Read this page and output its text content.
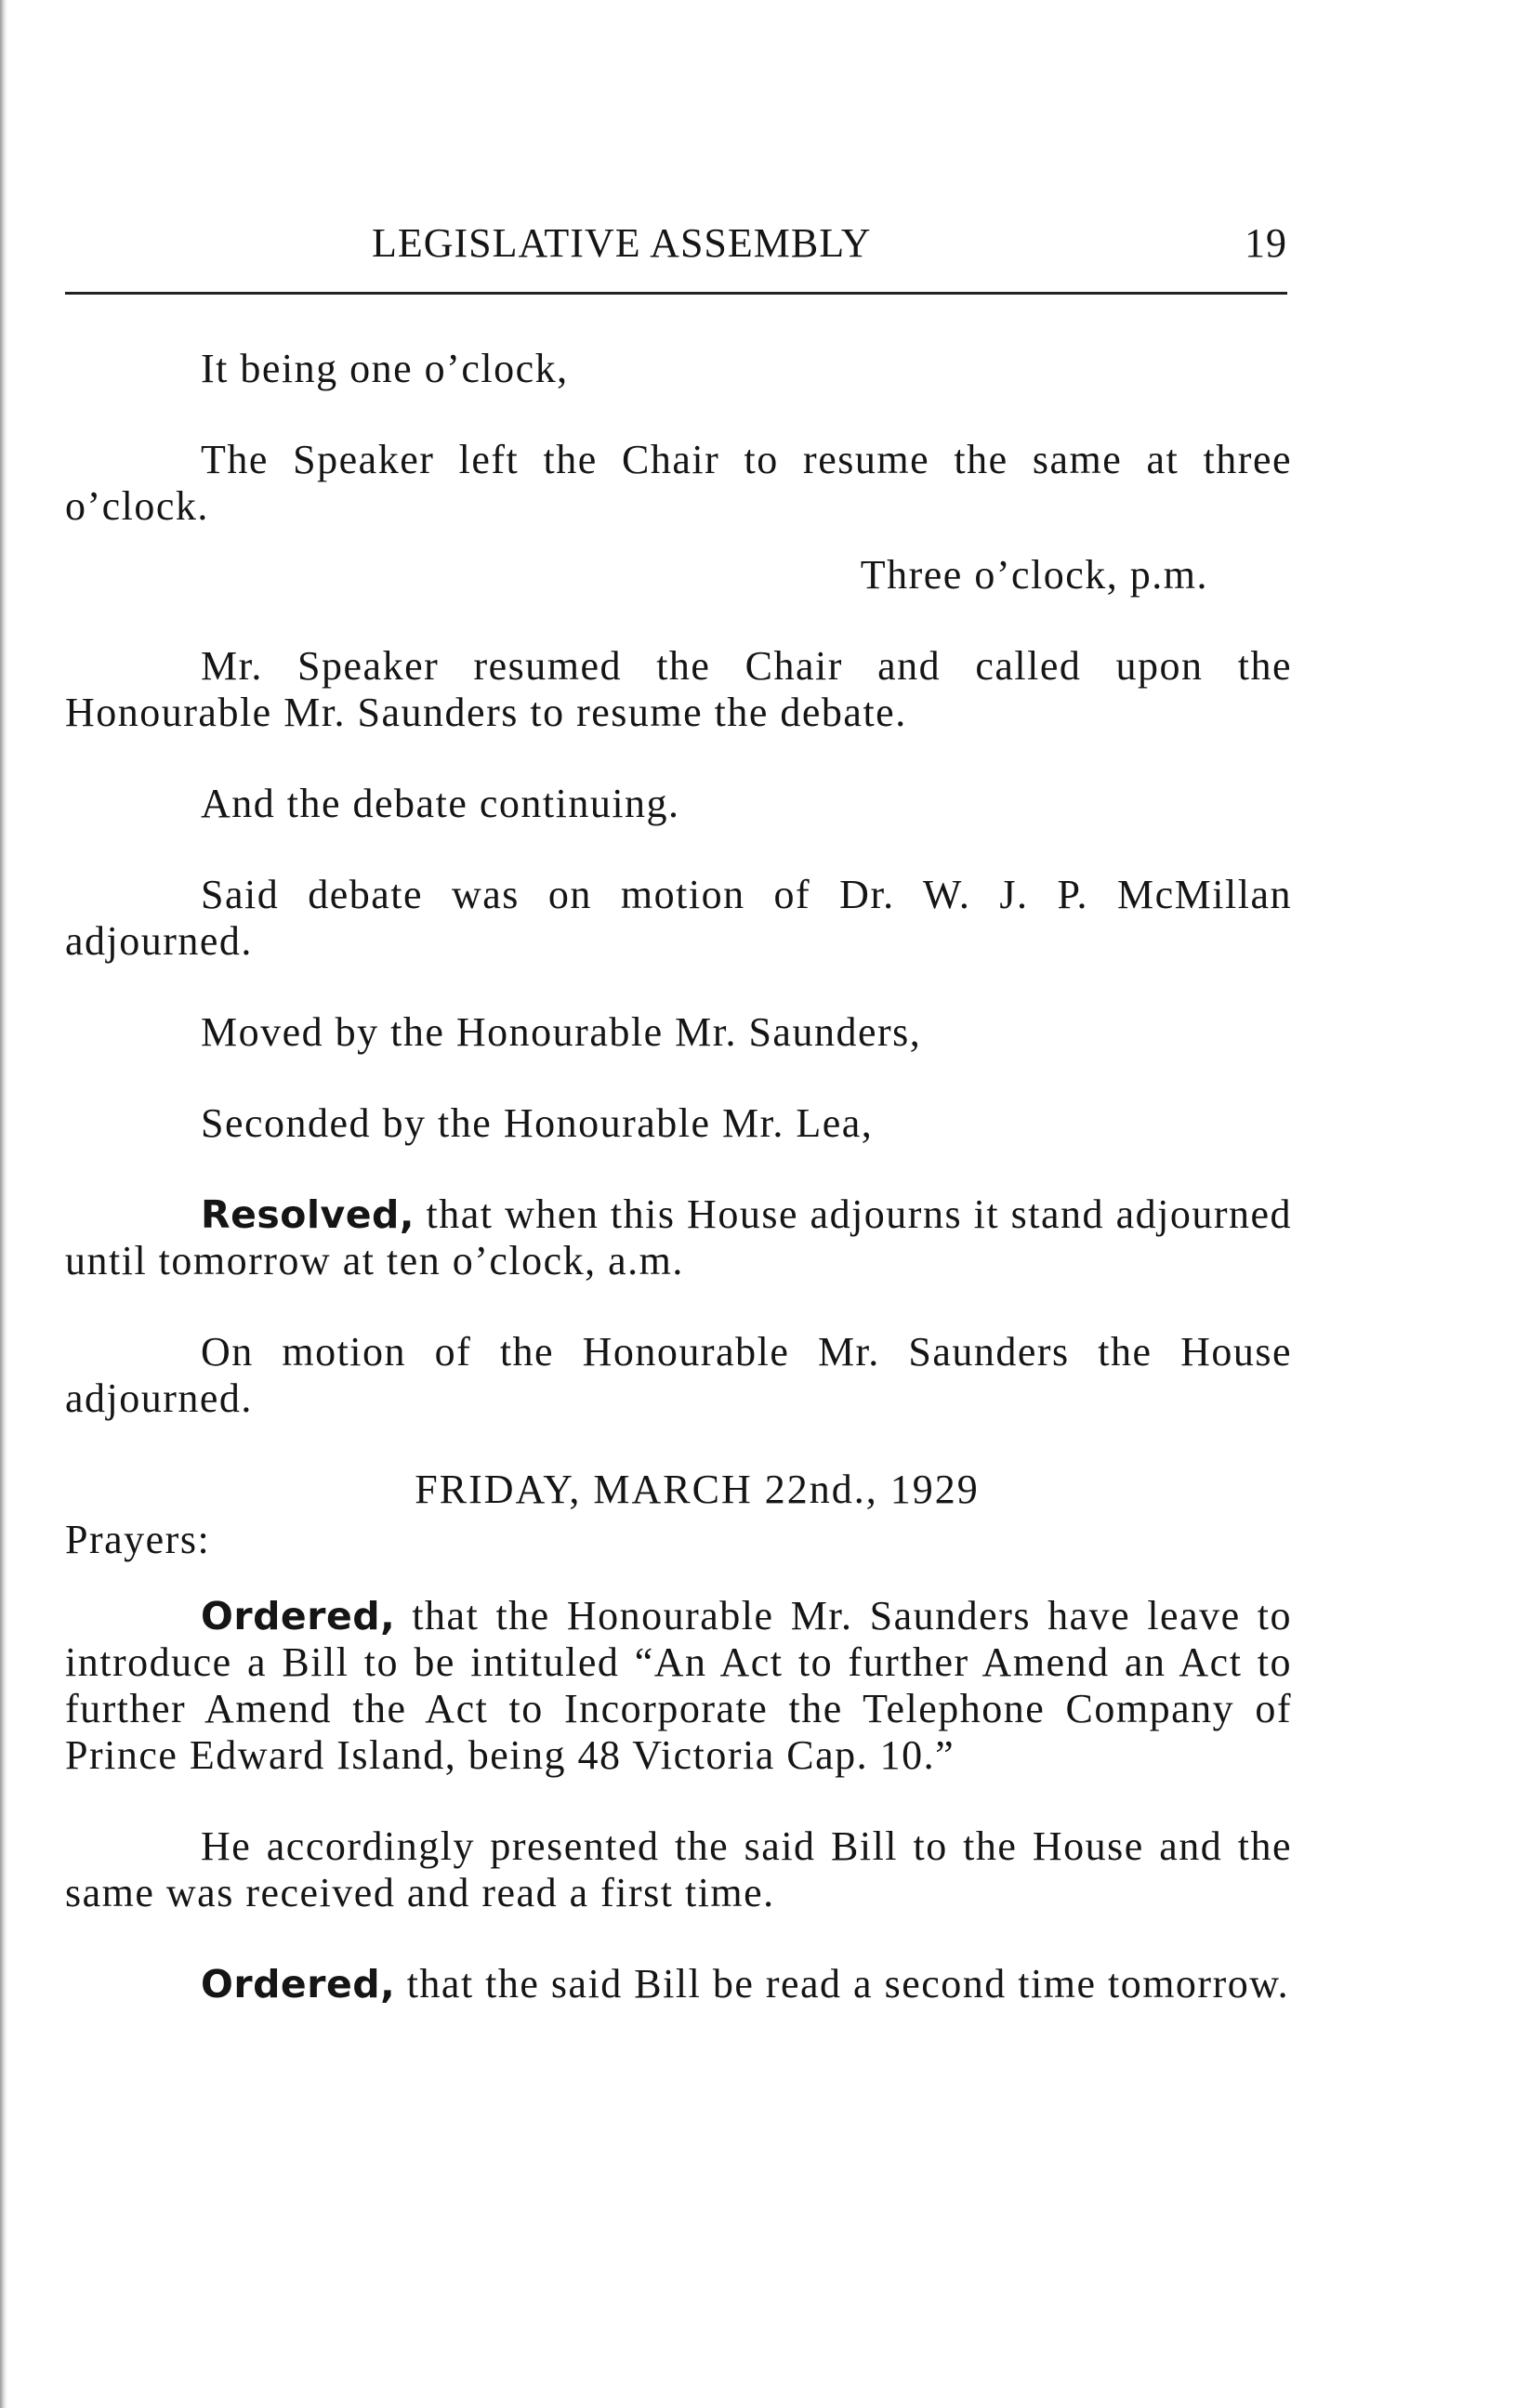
LEGISLATIVE ASSEMBLY	19

It being one o’clock,

The Speaker left the Chair to resume the same at three o’clock.

Three o’clock, p.m.

Mr. Speaker resumed the Chair and called upon the Honourable Mr. Saunders to resume the debate.

And the debate continuing.

Said debate was on motion of Dr. W. J. P. McMillan adjourned.

Moved by the Honourable Mr. Saunders,

Seconded by the Honourable Mr. Lea,

Resolved, that when this House adjourns it stand adjourned until tomorrow at ten o’clock, a.m.

On motion of the Honourable Mr. Saunders the House adjourned.

FRIDAY, MARCH 22nd., 1929

Prayers:

Ordered, that the Honourable Mr. Saunders have leave to introduce a Bill to be intituled “An Act to further Amend an Act to further Amend the Act to Incorporate the Telephone Company of Prince Edward Island, being 48 Victoria Cap. 10.”

He accordingly presented the said Bill to the House and the same was received and read a first time.

Ordered, that the said Bill be read a second time tomorrow.
